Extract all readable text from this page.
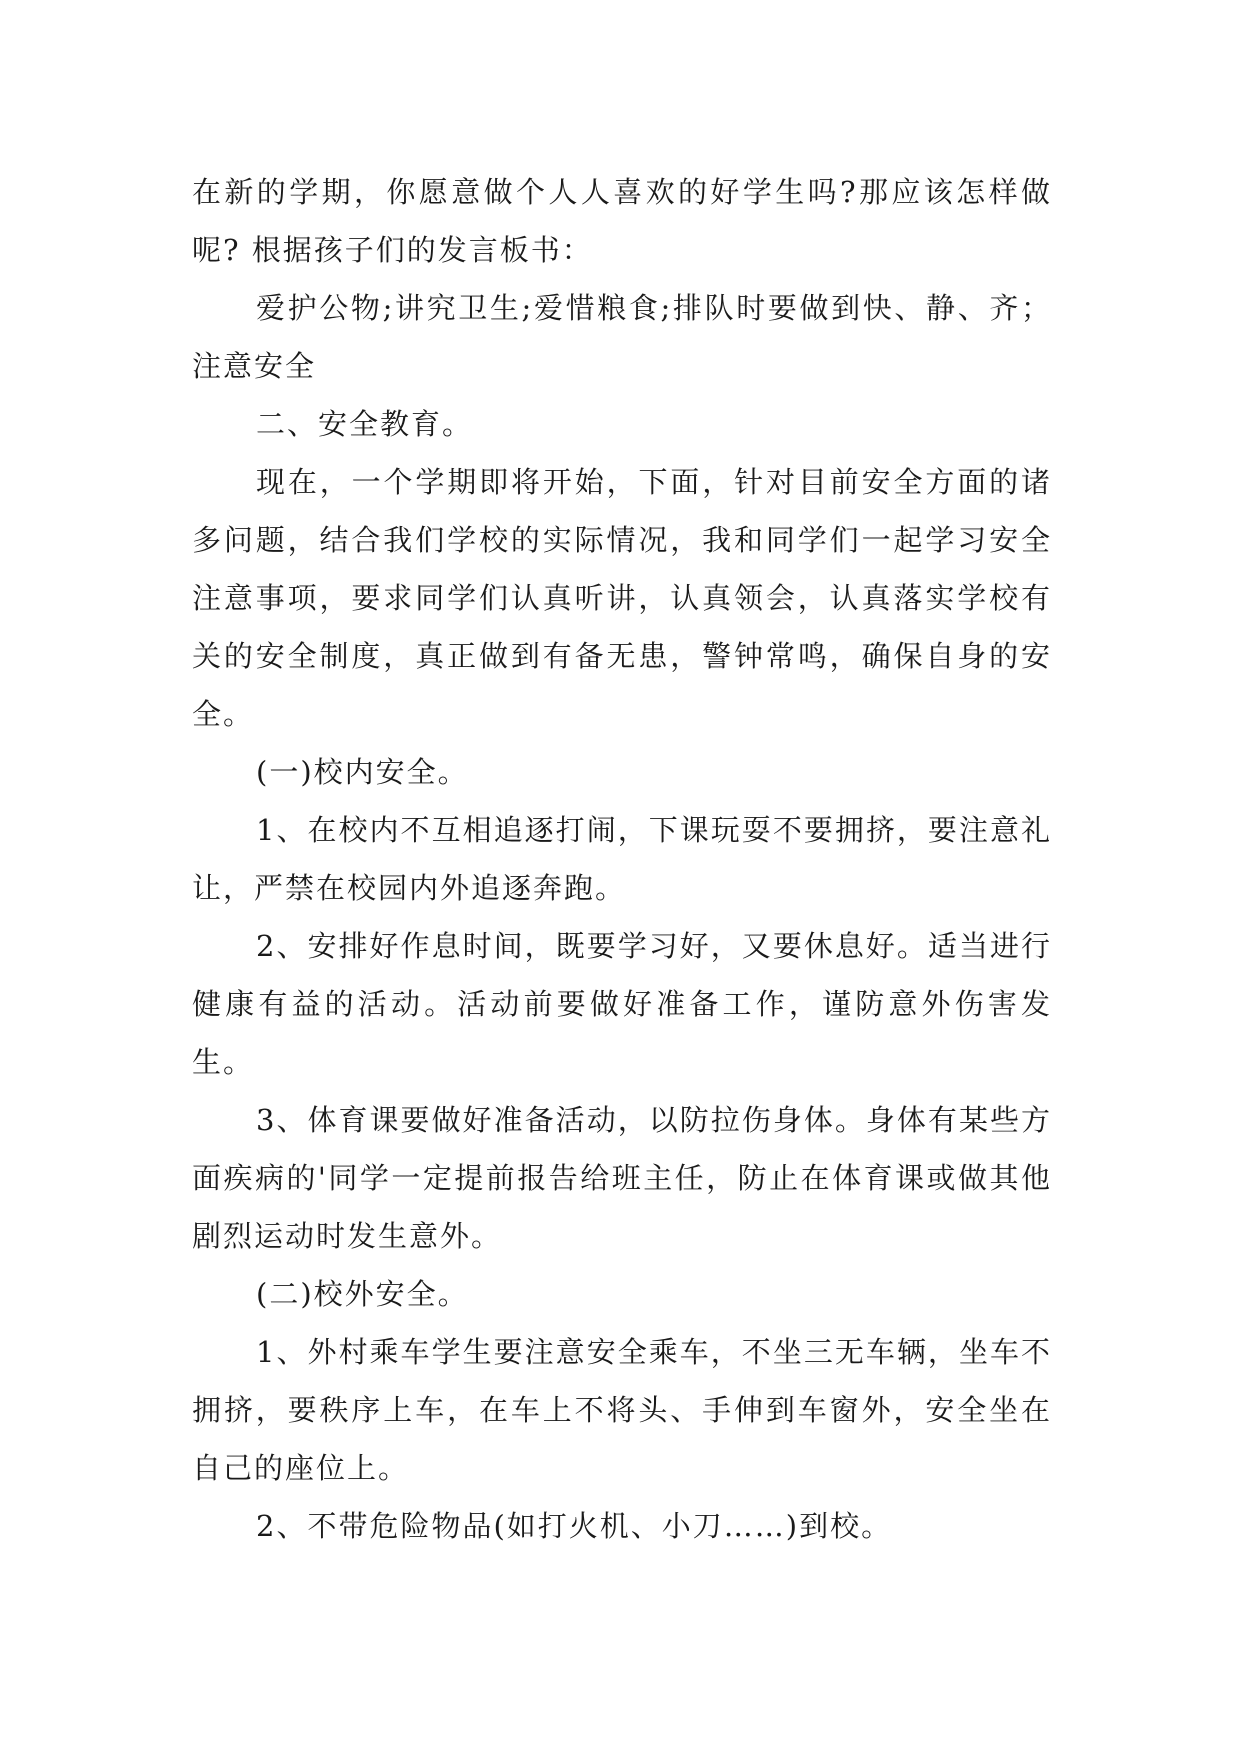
在新的学期，你愿意做个人人喜欢的好学生吗?那应该怎样做呢? 根据孩子们的发言板书：

爱护公物;讲究卫生;爱惜粮食;排队时要做到快、静、齐； 注意安全

二、安全教育。

现在，一个学期即将开始，下面，针对目前安全方面的诸多问题，结合我们学校的实际情况，我和同学们一起学习安全注意事项，要求同学们认真听讲，认真领会，认真落实学校有关的安全制度，真正做到有备无患，警钟常鸣，确保自身的安全。

(一)校内安全。

1、在校内不互相追逐打闹，下课玩耍不要拥挤，要注意礼让，严禁在校园内外追逐奔跑。

2、安排好作息时间，既要学习好，又要休息好。适当进行健康有益的活动。活动前要做好准备工作，谨防意外伤害发生。

3、体育课要做好准备活动，以防拉伤身体。身体有某些方面疾病的'同学一定提前报告给班主任，防止在体育课或做其他剧烈运动时发生意外。

(二)校外安全。

1、外村乘车学生要注意安全乘车，不坐三无车辆，坐车不拥挤，要秩序上车，在车上不将头、手伸到车窗外，安全坐在自己的座位上。

2、不带危险物品(如打火机、小刀……)到校。
